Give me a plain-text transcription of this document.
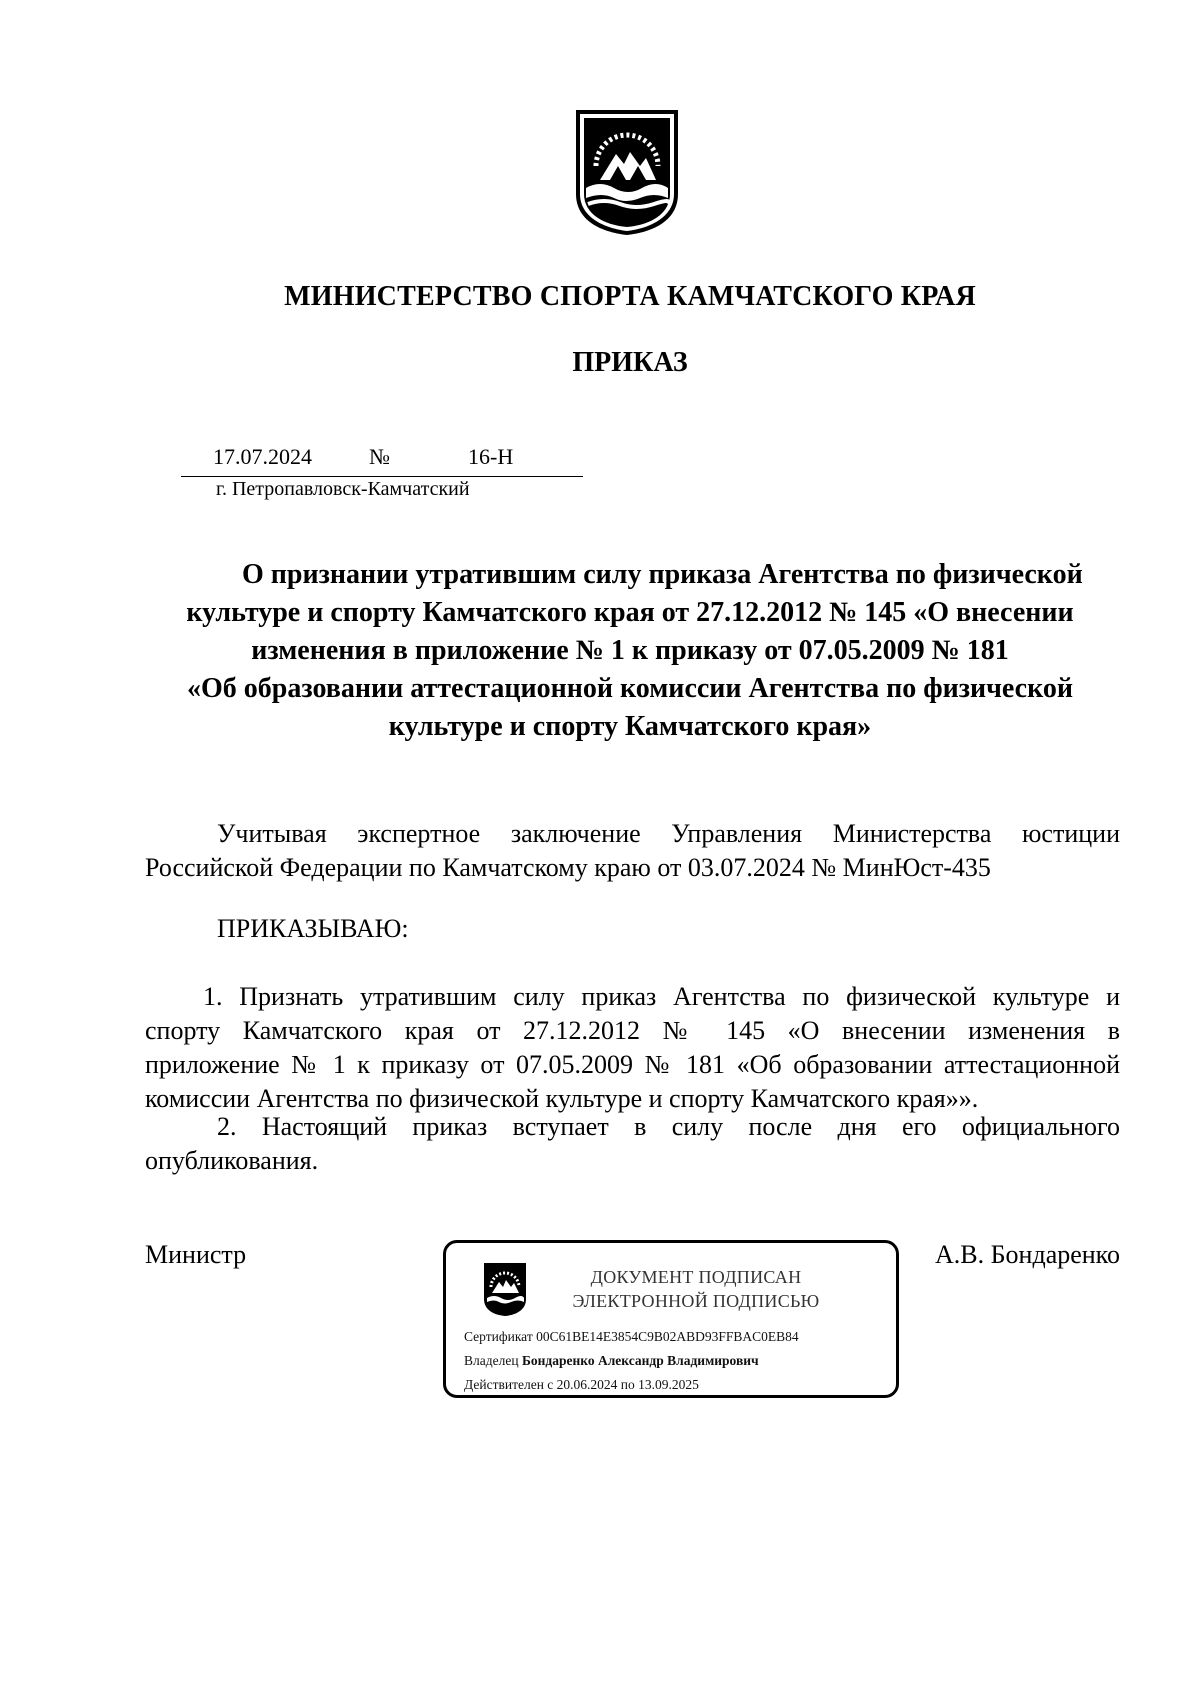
МИНИСТЕРСТВО СПОРТА КАМЧАТСКОГО КРАЯ
ПРИКАЗ
17.07.2024	№	16-Н
г. Петропавловск-Камчатский
О признании утратившим силу приказа Агентства по физической
культуре и спорту Камчатского края от 27.12.2012 № 145 «О внесении
изменения в приложение № 1 к приказу от 07.05.2009 № 181
«Об образовании аттестационной комиссии Агентства по физической
культуре и спорту Камчатского края»
Учитывая экспертное заключение Управления Министерства юстиции
Российской Федерации по Камчатскому краю от 03.07.2024 № МинЮст-435
ПРИКАЗЫВАЮ:
1. Признать утратившим силу приказ Агентства по физической культуре и
спорту Камчатского края от 27.12.2012 № 145 «О внесении изменения в
приложение № 1 к приказу от 07.05.2009 № 181 «Об образовании аттестационной
комиссии Агентства по физической культуре и спорту Камчатского края»».
2. Настоящий приказ вступает в силу после дня его официального
опубликования.
Министр	А.В. Бондаренко
ДОКУМЕНТ ПОДПИСАН
ЭЛЕКТРОННОЙ ПОДПИСЬЮ
Сертификат 00C61BE14E3854C9B02ABD93FFBAC0EB84
Владелец Бондаренко Александр Владимирович
Действителен с 20.06.2024 по 13.09.2025
